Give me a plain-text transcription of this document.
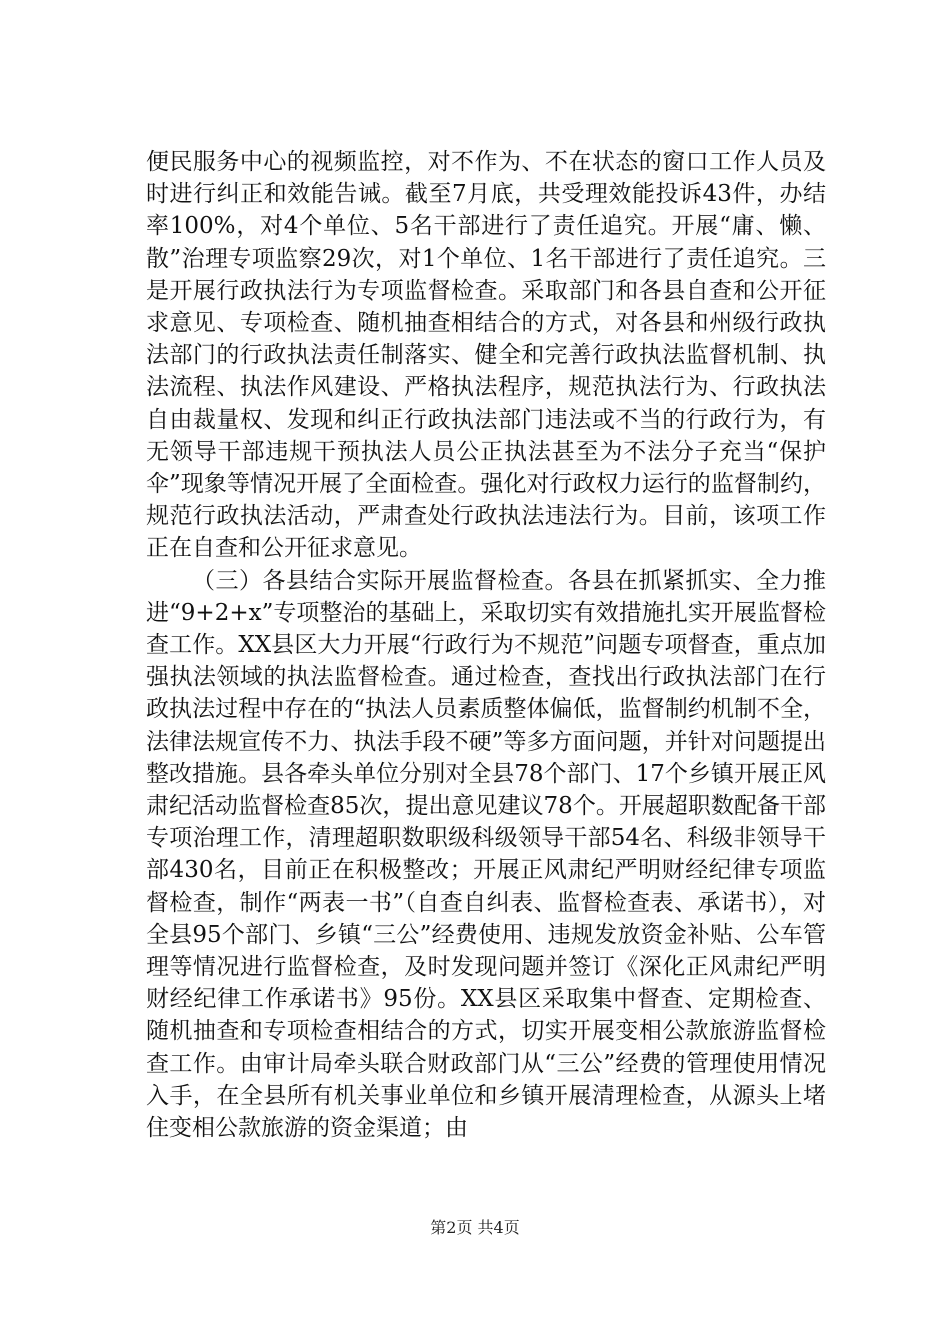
便民服务中心的视频监控，对不作为、不在状态的窗口工作人员及时进行纠正和效能告诫。截至7月底，共受理效能投诉43件，办结率100%，对4个单位、5名干部进行了责任追究。开展“庸、懒、散”治理专项监察29次，对1个单位、1名干部进行了责任追究。三是开展行政执法行为专项监督检查。采取部门和各县自查和公开征求意见、专项检查、随机抽查相结合的方式，对各县和州级行政执法部门的行政执法责任制落实、健全和完善行政执法监督机制、执法流程、执法作风建设、严格执法程序，规范执法行为、行政执法自由裁量权、发现和纠正行政执法部门违法或不当的行政行为，有无领导干部违规干预执法人员公正执法甚至为不法分子充当“保护伞”现象等情况开展了全面检查。强化对行政权力运行的监督制约，规范行政执法活动，严肃查处行政执法违法行为。目前，该项工作正在自查和公开征求意见。

（三）各县结合实际开展监督检查。各县在抓紧抓实、全力推进“9+2+x”专项整治的基础上，采取切实有效措施扎实开展监督检查工作。XX县区大力开展“行政行为不规范”问题专项督查，重点加强执法领域的执法监督检查。通过检查，查找出行政执法部门在行政执法过程中存在的“执法人员素质整体偏低，监督制约机制不全，法律法规宣传不力、执法手段不硬”等多方面问题，并针对问题提出整改措施。县各牵头单位分别对全县78个部门、17个乡镇开展正风肃纪活动监督检查85次，提出意见建议78个。开展超职数配备干部专项治理工作，清理超职数职级科级领导干部54名、科级非领导干部430名，目前正在积极整改；开展正风肃纪严明财经纪律专项监督检查，制作“两表一书”（自查自纠表、监督检查表、承诺书），对全县95个部门、乡镇“三公”经费使用、违规发放资金补贴、公车管理等情况进行监督检查，及时发现问题并签订《深化正风肃纪严明财经纪律工作承诺书》95份。XX县区采取集中督查、定期检查、随机抽查和专项检查相结合的方式，切实开展变相公款旅游监督检查工作。由审计局牵头联合财政部门从“三公”经费的管理使用情况入手，在全县所有机关事业单位和乡镇开展清理检查，从源头上堵住变相公款旅游的资金渠道；由

第2页 共4页
